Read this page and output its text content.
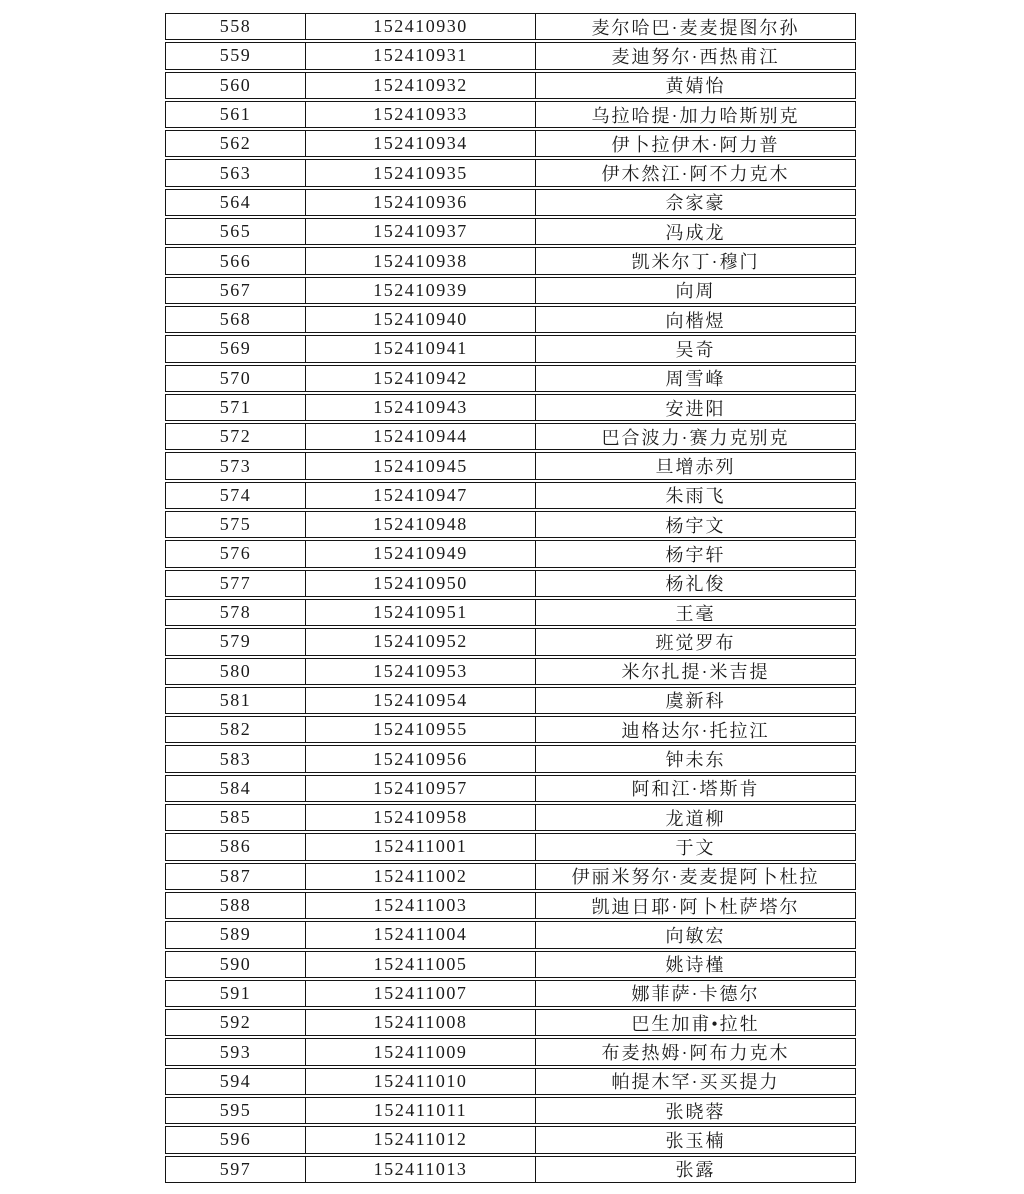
558	152410930	麦尔哈巴·麦麦提图尔孙
559	152410931	麦迪努尔·西热甫江
560	152410932	黄婧怡
561	152410933	乌拉哈提·加力哈斯别克
562	152410934	伊卜拉伊木·阿力普
563	152410935	伊木然江·阿不力克木
564	152410936	佘家豪
565	152410937	冯成龙
566	152410938	凯米尔丁·穆门
567	152410939	向周
568	152410940	向楷煜
569	152410941	吴奇
570	152410942	周雪峰
571	152410943	安进阳
572	152410944	巴合波力·赛力克别克
573	152410945	旦增赤列
574	152410947	朱雨飞
575	152410948	杨宇文
576	152410949	杨宇轩
577	152410950	杨礼俊
578	152410951	王毫
579	152410952	班觉罗布
580	152410953	米尔扎提·米吉提
581	152410954	虞新科
582	152410955	迪格达尔·托拉江
583	152410956	钟未东
584	152410957	阿和江·塔斯肯
585	152410958	龙道柳
586	152411001	于文
587	152411002	伊丽米努尔·麦麦提阿卜杜拉
588	152411003	凯迪日耶·阿卜杜萨塔尔
589	152411004	向敏宏
590	152411005	姚诗槿
591	152411007	娜菲萨·卡德尔
592	152411008	巴生加甫•拉牡
593	152411009	布麦热姆·阿布力克木
594	152411010	帕提木罕·买买提力
595	152411011	张晓蓉
596	152411012	张玉楠
597	152411013	张露
